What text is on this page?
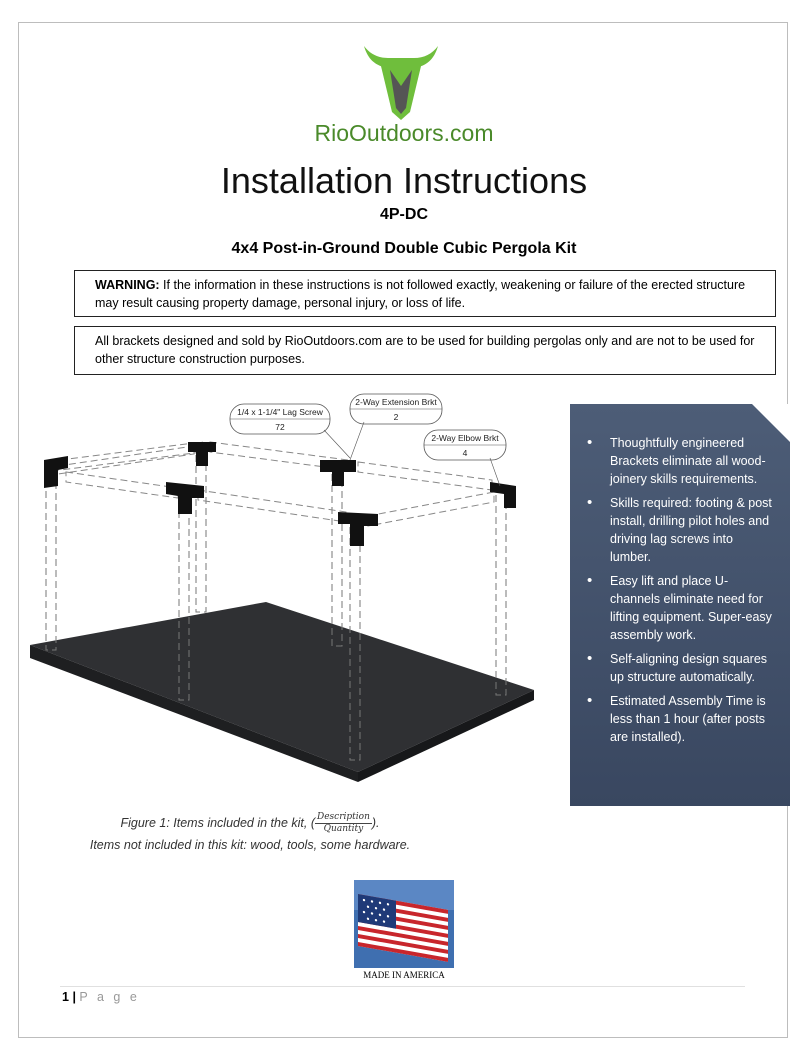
RioOutdoors.com
Installation Instructions
4P-DC
4x4 Post-in-Ground Double Cubic Pergola Kit
WARNING: If the information in these instructions is not followed exactly, weakening or failure of the erected structure may result causing property damage, personal injury, or loss of life.
All brackets designed and sold by RioOutdoors.com are to be used for building pergolas only and are not to be used for other structure construction purposes.
1/4 x 1-1/4" Lag Screw
72
2-Way Extension Brkt
2
2-Way Elbow Brkt
4
• Thoughtfully engineered Brackets eliminate all wood-joinery skills requirements.
• Skills required: footing & post install, drilling pilot holes and driving lag screws into lumber.
• Easy lift and place U-channels eliminate need for lifting equipment. Super-easy assembly work.
• Self-aligning design squares up structure automatically.
• Estimated Assembly Time is less than 1 hour (after posts are installed).
Figure 1: Items included in the kit, ( $\frac{\text{Description}}{\text{Quantity}}$ ).
Items not included in this kit: wood, tools, some hardware.
MADE IN AMERICA
1 | P a g e
